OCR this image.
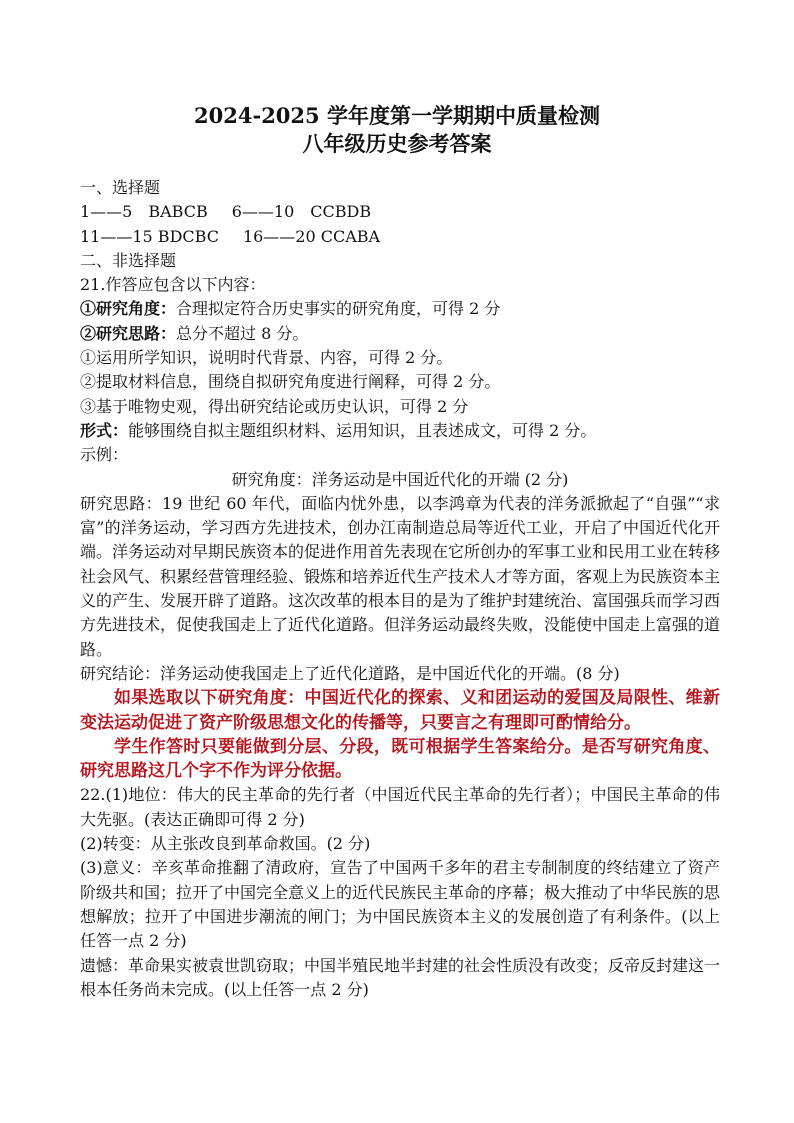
2024-2025 学年度第一学期期中质量检测
八年级历史参考答案
一、选择题
1——5　BABCB 6——10　CCBDB
11——15 BDCBC 16——20 CCABA
二、非选择题
21.作答应包含以下内容：
①研究角度：合理拟定符合历史事实的研究角度，可得 2 分
②研究思路：总分不超过 8 分。
①运用所学知识，说明时代背景、内容，可得 2 分。
②提取材料信息，围绕自拟研究角度进行阐释，可得 2 分。
③基于唯物史观，得出研究结论或历史认识，可得 2 分
形式：能够围绕自拟主题组织材料、运用知识，且表述成文，可得 2 分。
示例：
研究角度：洋务运动是中国近代化的开端 (2 分)
研究思路：19 世纪 60 年代，面临内忧外患，以李鸿章为代表的洋务派掀起了“自强”“求富”的洋务运动，学习西方先进技术，创办江南制造总局等近代工业，开启了中国近代化开端。洋务运动对早期民族资本的促进作用首先表现在它所创办的军事工业和民用工业在转移社会风气、积累经营管理经验、锻炼和培养近代生产技术人才等方面，客观上为民族资本主义的产生、发展开辟了道路。这次改革的根本目的是为了维护封建统治、富国强兵而学习西方先进技术，促使我国走上了近代化道路。但洋务运动最终失败，没能使中国走上富强的道路。
研究结论：洋务运动使我国走上了近代化道路，是中国近代化的开端。(8 分)
如果选取以下研究角度：中国近代化的探索、义和团运动的爱国及局限性、维新变法运动促进了资产阶级思想文化的传播等，只要言之有理即可酌情给分。
学生作答时只要能做到分层、分段，既可根据学生答案给分。是否写研究角度、研究思路这几个字不作为评分依据。
22.(1)地位：伟大的民主革命的先行者（中国近代民主革命的先行者）；中国民主革命的伟大先驱。(表达正确即可得 2 分)
(2)转变：从主张改良到革命救国。(2 分)
(3)意义：辛亥革命推翻了清政府，宣告了中国两千多年的君主专制制度的终结建立了资产阶级共和国；拉开了中国完全意义上的近代民族民主革命的序幕；极大推动了中华民族的思想解放；拉开了中国进步潮流的闸门；为中国民族资本主义的发展创造了有利条件。(以上任答一点 2 分)
遗憾：革命果实被袁世凯窃取；中国半殖民地半封建的社会性质没有改变；反帝反封建这一根本任务尚未完成。(以上任答一点 2 分)
